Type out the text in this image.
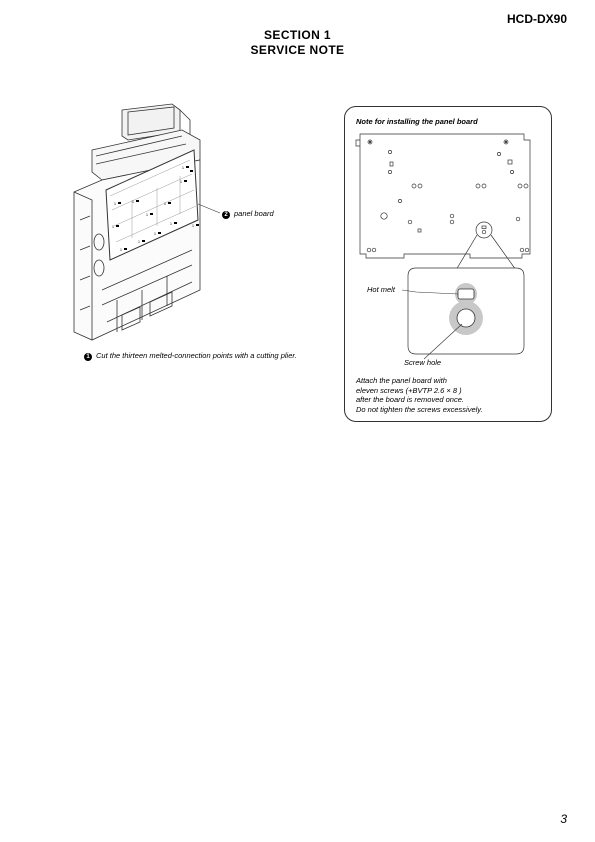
HCD-DX90
SECTION 1
SERVICE NOTE
1	1
1
1
1
1
1
1
1
1
1
1
2 panel board
1 Cut the thirteen melted-connection points with a cutting plier.
Note for installing the panel board
Hot melt
Screw hole
Attach the panel board with
eleven screws (+BVTP 2.6 × 8 )
after the board is removed once.
Do not tighten the screws excessively.
3
